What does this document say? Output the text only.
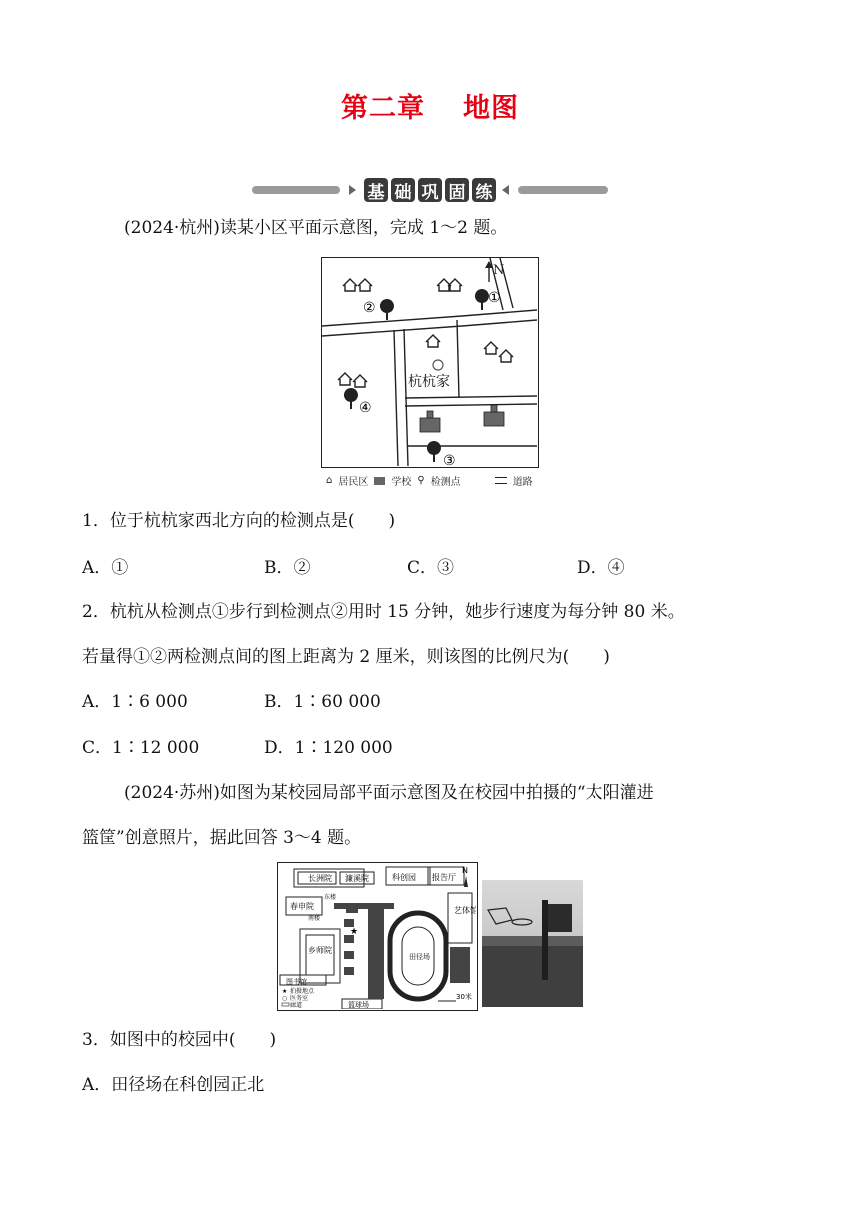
第二章 地图
基 础 巩 固 练
(2024·杭州)读某小区平面示意图，完成 1～2 题。
N
①
②
③
④
杭杭家
⌂ 居民区 学校 ⚲ 检测点	道路
1．位于杭杭家西北方向的检测点是(　　)
A．①	B．②	C．③	D．④
2．杭杭从检测点①步行到检测点②用时 15 分钟，她步行速度为每分钟 80 米。
若量得①②两检测点间的图上距离为 2 厘米，则该图的比例尺为(　　)
A．1∶6 000	B．1∶60 000
C．1∶12 000	D．1∶120 000
(2024·苏州)如图为某校园局部平面示意图及在校园中拍摄的“太阳灌进
篮筐”创意照片，据此回答 3～4 题。
N
长洲院 濂溪院	科创园 报告厅
春申院
南楼
东楼
艺体馆
乡师院
田径场
图书馆
篮球场
30米
★
★ 拍摄地点
○ 医务室
廊道
3．如图中的校园中(　　)
A．田径场在科创园正北
